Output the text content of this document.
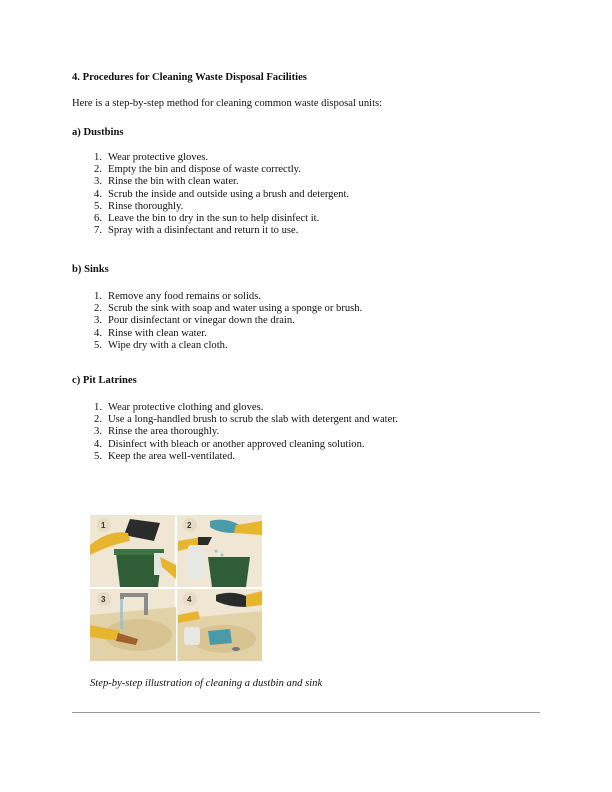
4. Procedures for Cleaning Waste Disposal Facilities
Here is a step-by-step method for cleaning common waste disposal units:
a) Dustbins
1. Wear protective gloves.
2. Empty the bin and dispose of waste correctly.
3. Rinse the bin with clean water.
4. Scrub the inside and outside using a brush and detergent.
5. Rinse thoroughly.
6. Leave the bin to dry in the sun to help disinfect it.
7. Spray with a disinfectant and return it to use.
b) Sinks
1. Remove any food remains or solids.
2. Scrub the sink with soap and water using a sponge or brush.
3. Pour disinfectant or vinegar down the drain.
4. Rinse with clean water.
5. Wipe dry with a clean cloth.
c) Pit Latrines
1. Wear protective clothing and gloves.
2. Use a long-handled brush to scrub the slab with detergent and water.
3. Rinse the area thoroughly.
4. Disinfect with bleach or another approved cleaning solution.
5. Keep the area well-ventilated.
1	2
3	4
Step-by-step illustration of cleaning a dustbin and sink
